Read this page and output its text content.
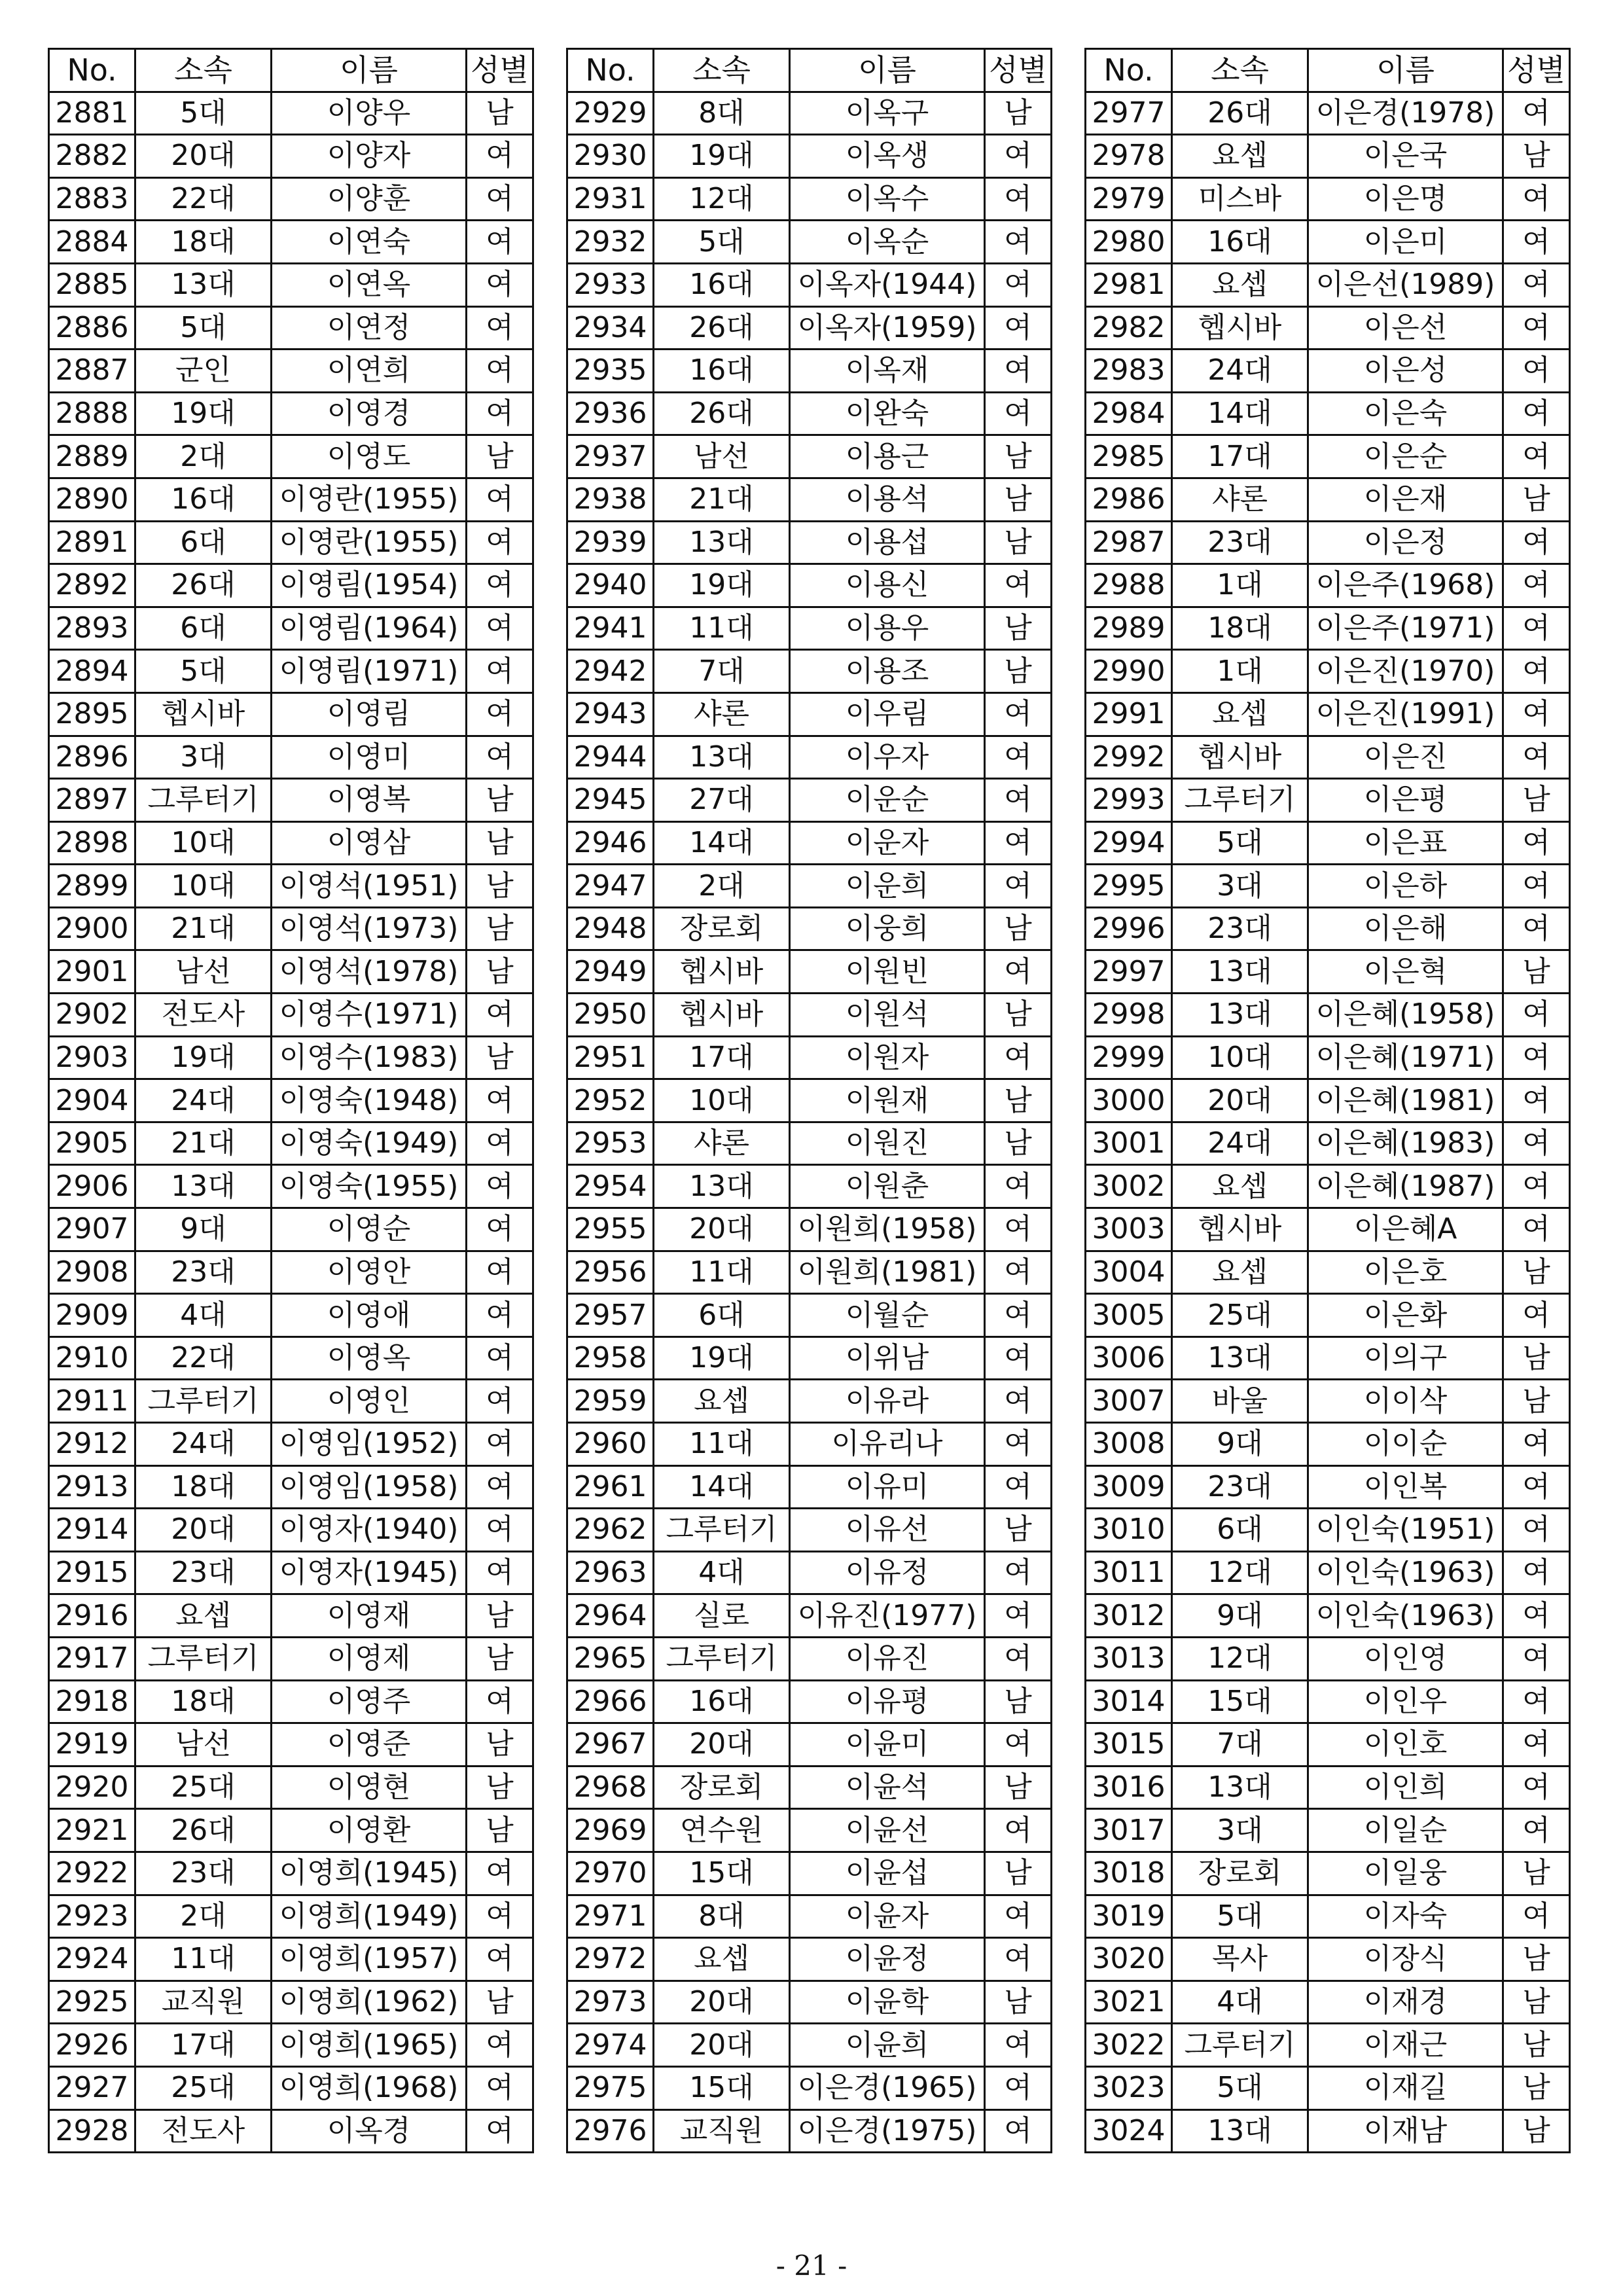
No.	소속	이름	성별
2881	5대	이양우	남
2882	20대	이양자	여
2883	22대	이양훈	여
2884	18대	이연숙	여
2885	13대	이연옥	여
2886	5대	이연정	여
2887	군인	이연희	여
2888	19대	이영경	여
2889	2대	이영도	남
2890	16대	이영란(1955)	여
2891	6대	이영란(1955)	여
2892	26대	이영림(1954)	여
2893	6대	이영림(1964)	여
2894	5대	이영림(1971)	여
2895	헵시바	이영림	여
2896	3대	이영미	여
2897	그루터기	이영복	남
2898	10대	이영삼	남
2899	10대	이영석(1951)	남
2900	21대	이영석(1973)	남
2901	남선	이영석(1978)	남
2902	전도사	이영수(1971)	여
2903	19대	이영수(1983)	남
2904	24대	이영숙(1948)	여
2905	21대	이영숙(1949)	여
2906	13대	이영숙(1955)	여
2907	9대	이영순	여
2908	23대	이영안	여
2909	4대	이영애	여
2910	22대	이영옥	여
2911	그루터기	이영인	여
2912	24대	이영임(1952)	여
2913	18대	이영임(1958)	여
2914	20대	이영자(1940)	여
2915	23대	이영자(1945)	여
2916	요셉	이영재	남
2917	그루터기	이영제	남
2918	18대	이영주	여
2919	남선	이영준	남
2920	25대	이영현	남
2921	26대	이영환	남
2922	23대	이영희(1945)	여
2923	2대	이영희(1949)	여
2924	11대	이영희(1957)	여
2925	교직원	이영희(1962)	남
2926	17대	이영희(1965)	여
2927	25대	이영희(1968)	여
2928	전도사	이옥경	여
No.	소속	이름	성별
2929	8대	이옥구	남
2930	19대	이옥생	여
2931	12대	이옥수	여
2932	5대	이옥순	여
2933	16대	이옥자(1944)	여
2934	26대	이옥자(1959)	여
2935	16대	이옥재	여
2936	26대	이완숙	여
2937	남선	이용근	남
2938	21대	이용석	남
2939	13대	이용섭	남
2940	19대	이용신	여
2941	11대	이용우	남
2942	7대	이용조	남
2943	샤론	이우림	여
2944	13대	이우자	여
2945	27대	이운순	여
2946	14대	이운자	여
2947	2대	이운희	여
2948	장로회	이웅희	남
2949	헵시바	이원빈	여
2950	헵시바	이원석	남
2951	17대	이원자	여
2952	10대	이원재	남
2953	샤론	이원진	남
2954	13대	이원춘	여
2955	20대	이원희(1958)	여
2956	11대	이원희(1981)	여
2957	6대	이월순	여
2958	19대	이위남	여
2959	요셉	이유라	여
2960	11대	이유리나	여
2961	14대	이유미	여
2962	그루터기	이유선	남
2963	4대	이유정	여
2964	실로	이유진(1977)	여
2965	그루터기	이유진	여
2966	16대	이유평	남
2967	20대	이윤미	여
2968	장로회	이윤석	남
2969	연수원	이윤선	여
2970	15대	이윤섭	남
2971	8대	이윤자	여
2972	요셉	이윤정	여
2973	20대	이윤학	남
2974	20대	이윤희	여
2975	15대	이은경(1965)	여
2976	교직원	이은경(1975)	여
No.	소속	이름	성별
2977	26대	이은경(1978)	여
2978	요셉	이은국	남
2979	미스바	이은명	여
2980	16대	이은미	여
2981	요셉	이은선(1989)	여
2982	헵시바	이은선	여
2983	24대	이은성	여
2984	14대	이은숙	여
2985	17대	이은순	여
2986	샤론	이은재	남
2987	23대	이은정	여
2988	1대	이은주(1968)	여
2989	18대	이은주(1971)	여
2990	1대	이은진(1970)	여
2991	요셉	이은진(1991)	여
2992	헵시바	이은진	여
2993	그루터기	이은평	남
2994	5대	이은표	여
2995	3대	이은하	여
2996	23대	이은해	여
2997	13대	이은혁	남
2998	13대	이은혜(1958)	여
2999	10대	이은혜(1971)	여
3000	20대	이은혜(1981)	여
3001	24대	이은혜(1983)	여
3002	요셉	이은혜(1987)	여
3003	헵시바	이은혜A	여
3004	요셉	이은호	남
3005	25대	이은화	여
3006	13대	이의구	남
3007	바울	이이삭	남
3008	9대	이이순	여
3009	23대	이인복	여
3010	6대	이인숙(1951)	여
3011	12대	이인숙(1963)	여
3012	9대	이인숙(1963)	여
3013	12대	이인영	여
3014	15대	이인우	여
3015	7대	이인호	여
3016	13대	이인희	여
3017	3대	이일순	여
3018	장로회	이일웅	남
3019	5대	이자숙	여
3020	목사	이장식	남
3021	4대	이재경	남
3022	그루터기	이재근	남
3023	5대	이재길	남
3024	13대	이재남	남
- 21 -
